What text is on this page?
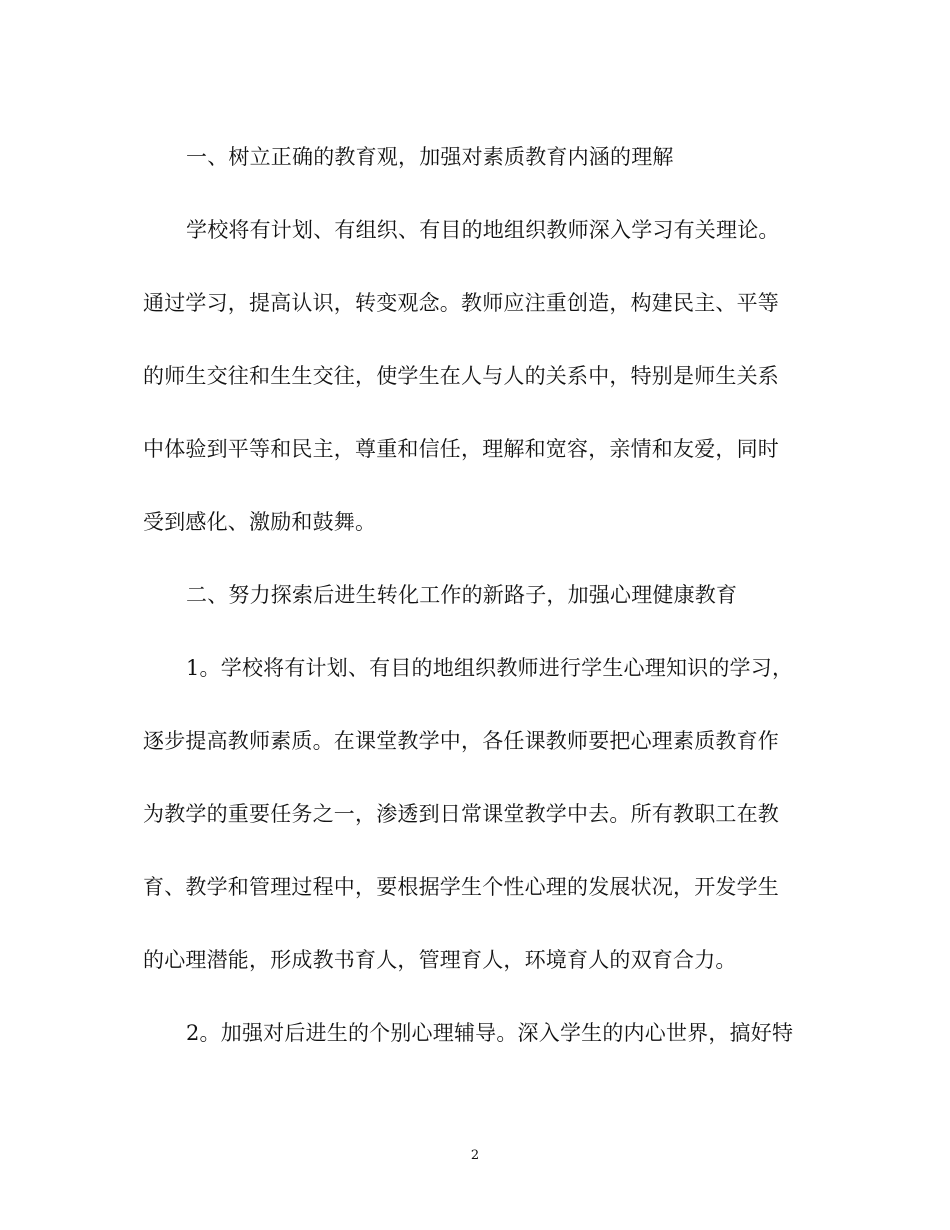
一、树立正确的教育观，加强对素质教育内涵的理解
学校将有计划、有组织、有目的地组织教师深入学习有关理论。
通过学习，提高认识，转变观念。教师应注重创造，构建民主、平等
的师生交往和生生交往，使学生在人与人的关系中，特别是师生关系
中体验到平等和民主，尊重和信任，理解和宽容，亲情和友爱，同时
受到感化、激励和鼓舞。
二、努力探索后进生转化工作的新路子，加强心理健康教育
1。学校将有计划、有目的地组织教师进行学生心理知识的学习，
逐步提高教师素质。在课堂教学中，各任课教师要把心理素质教育作
为教学的重要任务之一，渗透到日常课堂教学中去。所有教职工在教
育、教学和管理过程中，要根据学生个性心理的发展状况，开发学生
的心理潜能，形成教书育人，管理育人，环境育人的双育合力。
2。加强对后进生的个别心理辅导。深入学生的内心世界，搞好特
2
